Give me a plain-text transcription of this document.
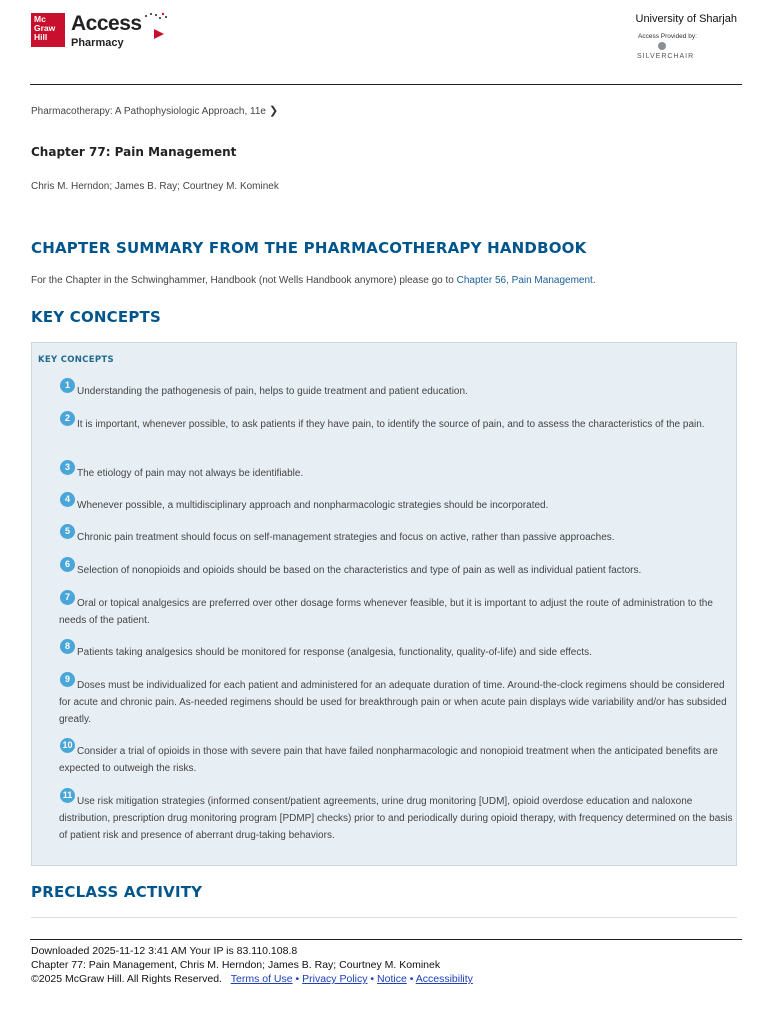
Mc
Graw
Hill
Access
Pharmacy
University of Sharjah
Access Provided by:
SILVERCHAIR
Pharmacotherapy: A Pathophysiologic Approach, 11e ❯
Chapter 77: Pain Management
Chris M. Herndon; James B. Ray; Courtney M. Kominek
CHAPTER SUMMARY FROM THE PHARMACOTHERAPY HANDBOOK
For the Chapter in the Schwinghammer, Handbook (not Wells Handbook anymore) please go to Chapter 56, Pain Management.
KEY CONCEPTS
KEY CONCEPTS
1Understanding the pathogenesis of pain, helps to guide treatment and patient education.
2It is important, whenever possible, to ask patients if they have pain, to identify the source of pain, and to assess the characteristics of the pain.
3The etiology of pain may not always be identifiable.
4Whenever possible, a multidisciplinary approach and nonpharmacologic strategies should be incorporated.
5Chronic pain treatment should focus on self-management strategies and focus on active, rather than passive approaches.
6Selection of nonopioids and opioids should be based on the characteristics and type of pain as well as individual patient factors.
7Oral or topical analgesics are preferred over other dosage forms whenever feasible, but it is important to adjust the route of administration to the needs of the patient.
8Patients taking analgesics should be monitored for response (analgesia, functionality, quality-of-life) and side effects.
9Doses must be individualized for each patient and administered for an adequate duration of time. Around-the-clock regimens should be considered for acute and chronic pain. As-needed regimens should be used for breakthrough pain or when acute pain displays wide variability and/or has subsided greatly.
10Consider a trial of opioids in those with severe pain that have failed nonpharmacologic and nonopioid treatment when the anticipated benefits are expected to outweigh the risks.
11Use risk mitigation strategies (informed consent/patient agreements, urine drug monitoring [UDM], opioid overdose education and naloxone distribution, prescription drug monitoring program [PDMP] checks) prior to and periodically during opioid therapy, with frequency determined on the basis of patient risk and presence of aberrant drug-taking behaviors.
PRECLASS ACTIVITY
Downloaded 2025-11-12 3:41 AM Your IP is 83.110.108.8
Chapter 77: Pain Management, Chris M. Herndon; James B. Ray; Courtney M. Kominek
©2025 McGraw Hill. All Rights Reserved. Terms of Use • Privacy Policy • Notice • Accessibility
